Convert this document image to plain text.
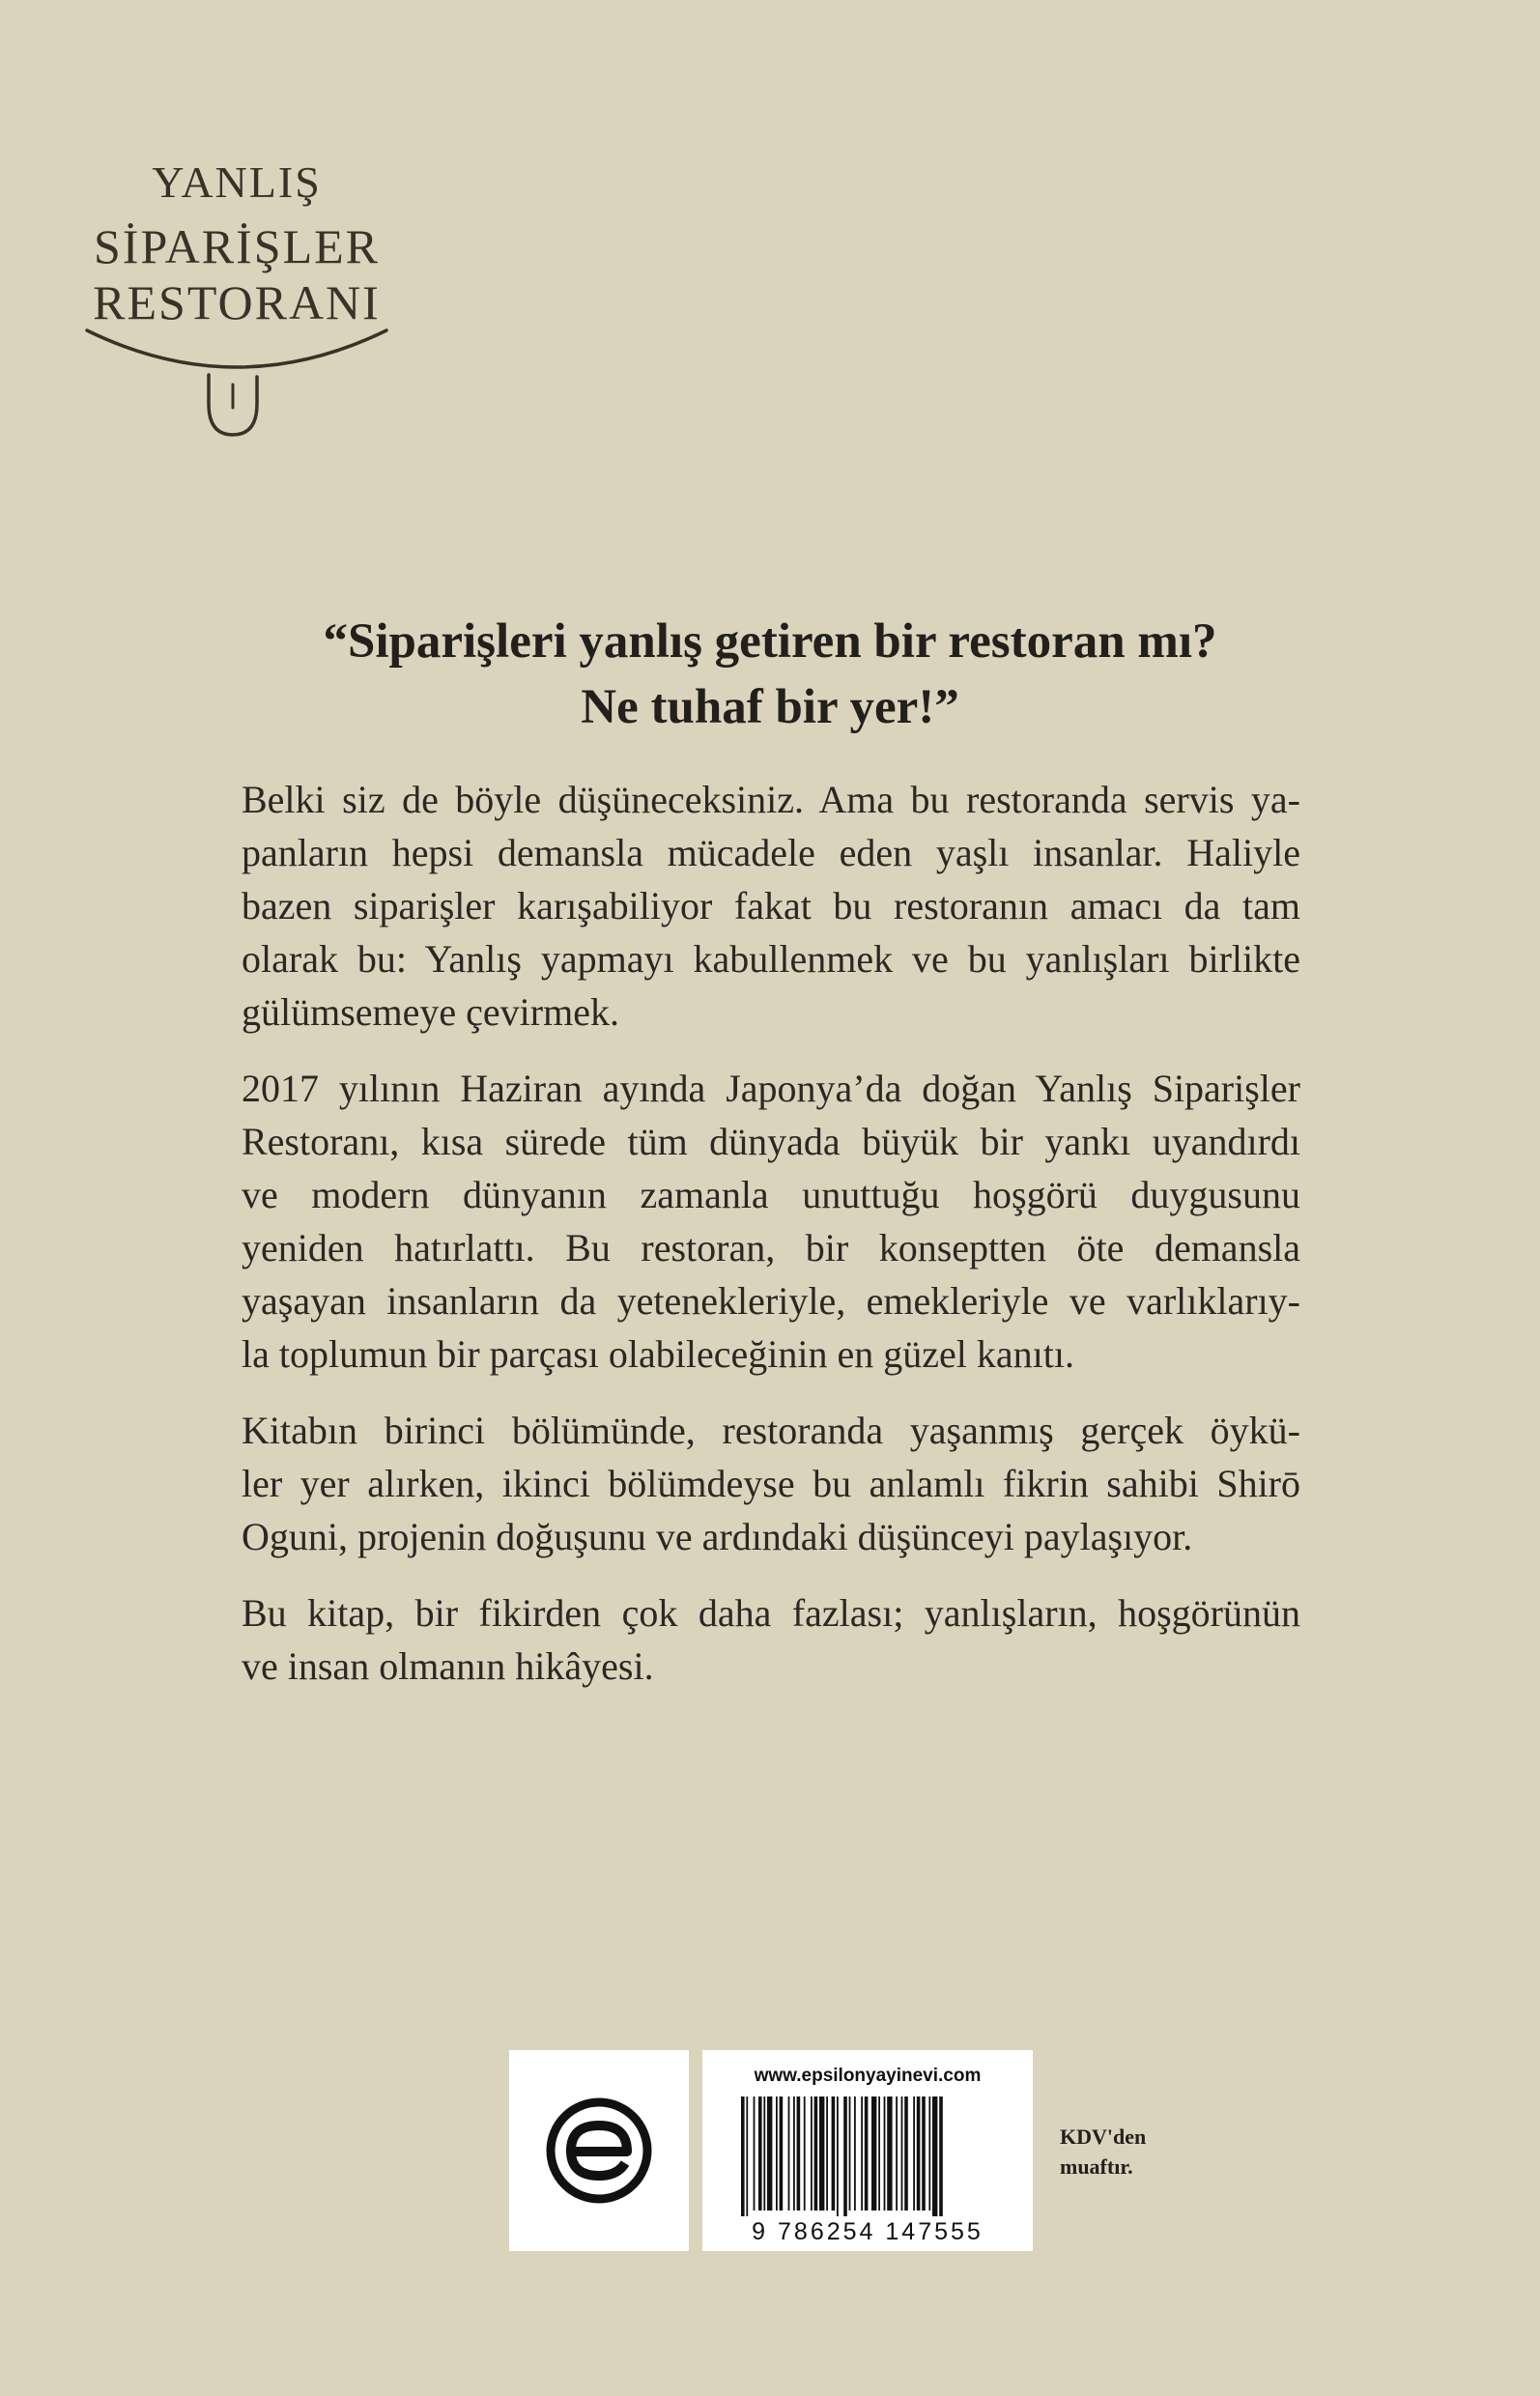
YANLIŞ
SİPARİŞLER
RESTORANI
“Siparişleri yanlış getiren bir restoran mı?
Ne tuhaf bir yer!”

Belki siz de böyle düşüneceksiniz. Ama bu restoranda servis ya-
panların hepsi demansla mücadele eden yaşlı insanlar. Haliyle
bazen siparişler karışabiliyor fakat bu restoranın amacı da tam
olarak bu: Yanlış yapmayı kabullenmek ve bu yanlışları birlikte
gülümsemeye çevirmek.

2017 yılının Haziran ayında Japonya’da doğan Yanlış Siparişler
Restoranı, kısa sürede tüm dünyada büyük bir yankı uyandırdı
ve modern dünyanın zamanla unuttuğu hoşgörü duygusunu
yeniden hatırlattı. Bu restoran, bir konseptten öte demansla
yaşayan insanların da yetenekleriyle, emekleriyle ve varlıklarıy-
la toplumun bir parçası olabileceğinin en güzel kanıtı.

Kitabın birinci bölümünde, restoranda yaşanmış gerçek öykü-
ler yer alırken, ikinci bölümdeyse bu anlamlı fikrin sahibi Shirō
Oguni, projenin doğuşunu ve ardındaki düşünceyi paylaşıyor.

Bu kitap, bir fikirden çok daha fazlası; yanlışların, hoşgörünün
ve insan olmanın hikâyesi.

www.epsilonyayinevi.com
9 786254 147555
KDV'den
muaftır.
